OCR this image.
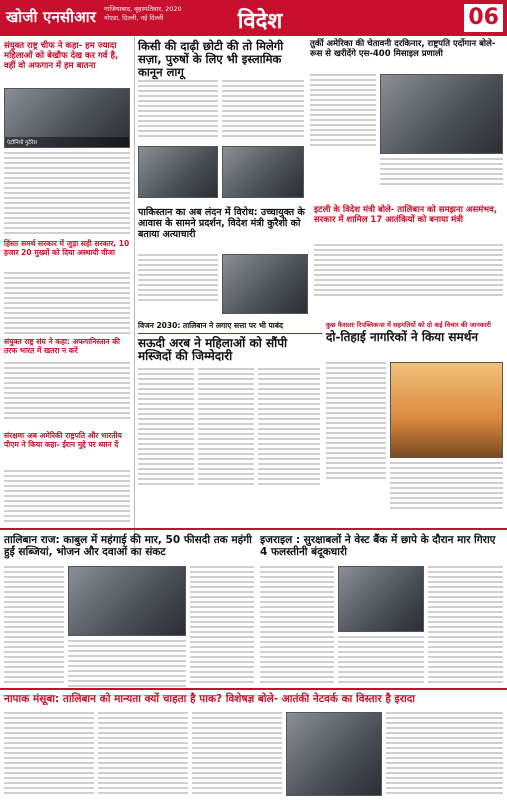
खोजी एनसीआर गाजियाबाद, बृहस्पतिवार, 2020
नोएडा, दिल्ली, नई दिल्ली	विदेश	06
संयुक्त राष्ट्र चीफ ने कहा- हम ज्यादा महिलाओं को बेखौफ देख कर गर्व है, वहीं वो अफगान में हम बातना
एंटोनियो गुटेरेस
हिंसाः समर्थ सरकार में जुड़ा सही सरकार, 10 हजार 20 मुख्यों को दिया अस्थायी वीजा
संयुक्त राष्ट्र संघ ने कहा: अफगानिस्तान की तरफ भारत में खतरा न करें
संरक्षणः अब अमेरिकी राष्ट्रपति और भारतीय पीएम ने किया कहा- ईरान मुद्दे पर ध्यान दें
किसी की दाढ़ी छोटी की तो मिलेगी सज़ा, पुरुषों के लिए भी इस्लामिक कानून लागू
तुर्की अमेरिका की चेतावनी दरकिनार, राष्ट्रपति एर्दोगान बोले- रूस से खरीदेंगे एस-400 मिसाइल प्रणाली
पाकिस्तान का अब लंदन में विरोध: उच्चायुक्त के आवास के सामने प्रदर्शन, विदेश मंत्री कुरैशी को बताया अत्याचारी
इटली के विदेश मंत्री बोले- तालिबान को समझना असमंभव, सरकार में शामिल 17 आतंकियों को बनाया मंत्री
विजन 2030: तालिबान ने लगाए सत्ता पर भी पाबंद
सऊदी अरब ने महिलाओं को सौंपी मस्जिदों की जिम्मेदारी
कुछ फैसलाः रिपब्लिकन्स में सहमतियों को दो कई विचार की जानकारी
दो-तिहाई नागरिकों ने किया समर्थन
तालिबान राज: काबुल में महंगाई की मार, 50 फीसदी तक महंगी हुईं सब्जियां, भोजन और दवाओं का संकट
इजराइल : सुरक्षाबलों ने वेस्ट बैंक में छापे के दौरान मार गिराए 4 फलस्तीनी बंदूकधारी
नापाक मंसूबा: तालिबान को मान्यता क्यों चाहता है पाक? विशेषज्ञ बोले- आतंकी नेटवर्क का विस्तार है इरादा
